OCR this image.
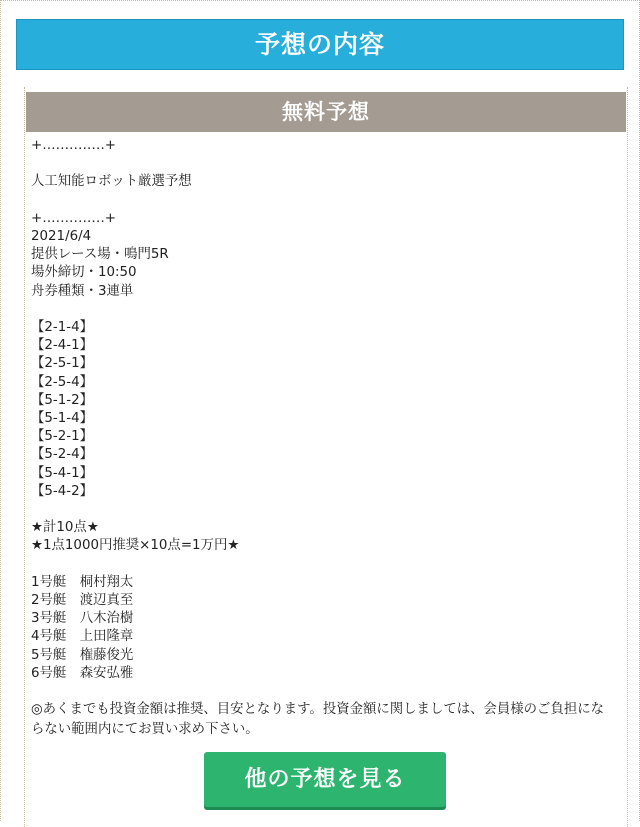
予想の内容
無料予想
+‥‥‥‥‥‥‥+
人工知能ロボット厳選予想
+‥‥‥‥‥‥‥+
2021/6/4
提供レース場・鳴門5R
場外締切・10:50
舟券種類・3連単
【2-1-4】
【2-4-1】
【2-5-1】
【2-5-4】
【5-1-2】
【5-1-4】
【5-2-1】
【5-2-4】
【5-4-1】
【5-4-2】
★計10点★
★1点1000円推奨×10点=1万円★
1号艇　桐村翔太
2号艇　渡辺真至
3号艇　八木治樹
4号艇　上田隆章
5号艇　権藤俊光
6号艇　森安弘雅
◎あくまでも投資金額は推奨、目安となります。投資金額に関しましては、会員様のご負担にならない範囲内にてお買い求め下さい。
他の予想を見る
